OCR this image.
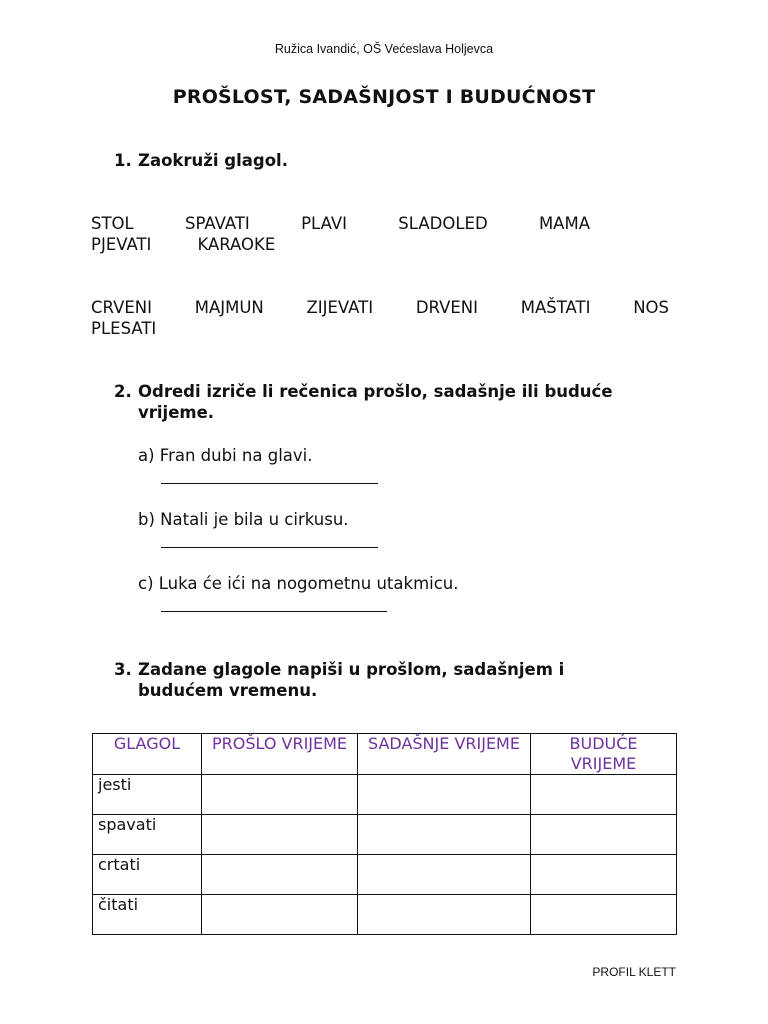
Ružica Ivandić, OŠ Većeslava Holjevca
PROŠLOST, SADAŠNJOST I BUDUĆNOST
1. Zaokruži glagol.
STOL	SPAVATI	PLAVI	SLADOLED	MAMA
PJEVATI	KARAOKE
CRVENI	MAJMUN	ZIJEVATI	DRVENI	MAŠTATI	NOS
PLESATI
2. Odredi izriče li rečenica prošlo, sadašnje ili buduće
vrijeme.
a) Fran dubi na glavi.
b) Natali je bila u cirkusu.
c) Luka će ići na nogometnu utakmicu.
3. Zadane glagole napiši u prošlom, sadašnjem i
budućem vremenu.
GLAGOL	PROŠLO VRIJEME	SADAŠNJE VRIJEME	BUDUĆE VRIJEME
jesti			
spavati			
crtati			
čitati			
PROFIL KLETT
